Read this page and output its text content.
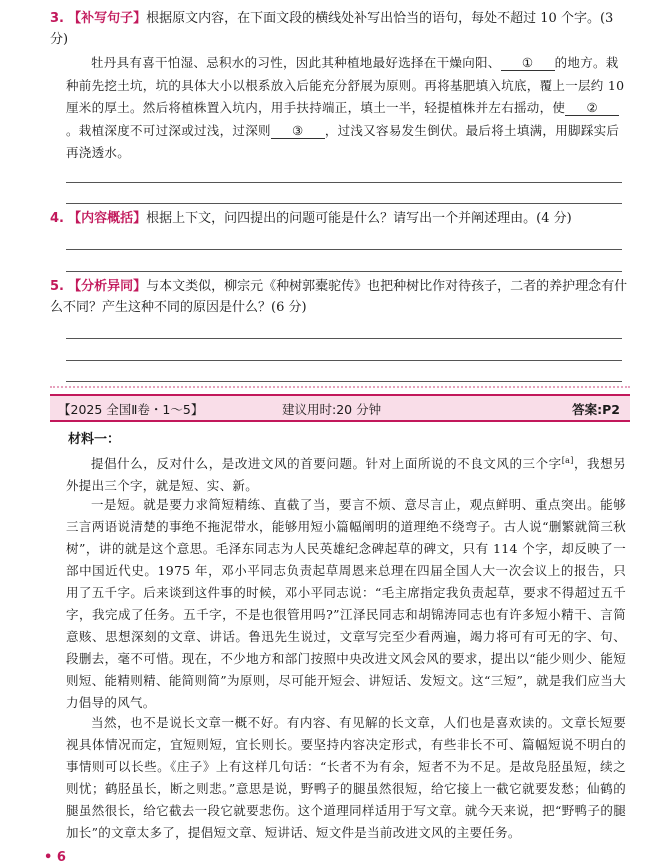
3. 【补写句子】根据原文内容，在下面文段的横线处补写出恰当的语句，每处不超过 10 个字。(3分)
牡丹具有喜干怕湿、忌积水的习性，因此其种植地最好选择在干燥向阳、 ① 的地方。栽种前先挖土坑，坑的具体大小以根系放入后能充分舒展为原则。再将基肥填入坑底，覆上一层约 10 厘米的厚土。然后将植株置入坑内，用手扶持端正，填土一半，轻提植株并左右摇动，使 ②。栽植深度不可过深或过浅，过深则 ③ ，过浅又容易发生倒伏。最后将土填满，用脚踩实后再浇透水。
4. 【内容概括】根据上下文，问四提出的问题可能是什么？请写出一个并阐述理由。(4 分)
5. 【分析异同】与本文类似，柳宗元《种树郭橐驼传》也把种树比作对待孩子，二者的养护理念有什么不同？产生这种不同的原因是什么？(6 分)
【2025 全国Ⅱ卷・1～5】	建议用时:20 分钟	答案:P2
材料一：
提倡什么，反对什么，是改进文风的首要问题。针对上面所说的不良文风的三个字[a]，我想另外提出三个字，就是短、实、新。
一是短。就是要力求简短精练、直截了当，要言不烦、意尽言止，观点鲜明、重点突出。能够三言两语说清楚的事绝不拖泥带水，能够用短小篇幅阐明的道理绝不绕弯子。古人说“删繁就简三秋树”，讲的就是这个意思。毛泽东同志为人民英雄纪念碑起草的碑文，只有 114 个字，却反映了一部中国近代史。1975 年，邓小平同志负责起草周恩来总理在四届全国人大一次会议上的报告，只用了五千字。后来谈到这件事的时候，邓小平同志说：“毛主席指定我负责起草，要求不得超过五千字，我完成了任务。五千字，不是也很管用吗?”江泽民同志和胡锦涛同志也有许多短小精干、言简意赅、思想深刻的文章、讲话。鲁迅先生说过，文章写完至少看两遍，竭力将可有可无的字、句、段删去，毫不可惜。现在，不少地方和部门按照中央改进文风会风的要求，提出以“能少则少、能短则短、能精则精、能简则简”为原则，尽可能开短会、讲短话、发短文。这“三短”，就是我们应当大力倡导的风气。
当然，也不是说长文章一概不好。有内容、有见解的长文章，人们也是喜欢读的。文章长短要视具体情况而定，宜短则短，宜长则长。要坚持内容决定形式，有些非长不可、篇幅短说不明白的事情则可以长些。《庄子》上有这样几句话：“长者不为有余，短者不为不足。是故凫胫虽短，续之则忧；鹤胫虽长，断之则悲。”意思是说，野鸭子的腿虽然很短，给它接上一截它就要发愁；仙鹤的腿虽然很长，给它截去一段它就要悲伤。这个道理同样适用于写文章。就今天来说，把“野鸭子的腿加长”的文章太多了，提倡短文章、短讲话、短文件是当前改进文风的主要任务。
• 6
